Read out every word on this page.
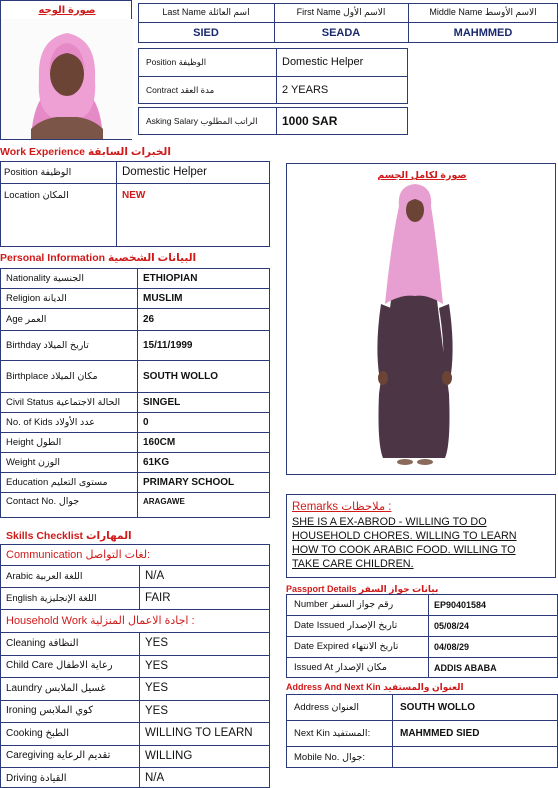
صورة الوجه	Last Name اسم العائلة	First Name الاسم الأول	Middle Name الاسم الأوسط
SIED	SEADA	MAHMMED
Position الوظيفة	Domestic Helper
Contract مدة العقد	2 YEARS
Asking Salary الراتب المطلوب	1000 SAR
Work Experience الخبرات السابقة
Position الوظيفة	Domestic Helper
Location المكان	NEW
Personal Information البيانات الشخصية
Nationality الجنسية	ETHIOPIAN
Religion الديانة	MUSLIM
Age العمر	26
Birthday تاريخ الميلاد	15/11/1999
Birthplace مكان الميلاد	SOUTH WOLLO
Civil Status الحالة الاجتماعية	SINGEL
No. of Kids عدد الأولاد	0
Height الطول	160CM
Weight الوزن	61KG
Education مستوى التعليم	PRIMARY SCHOOL
Contact No. جوال	ARAGAWE
Skills Checklist المهارات
Communication لغات التواصل:
Arabic اللغة العربية	N/A
English اللغة الإنجليزية	FAIR
Household Work اجادة الاعمال المنزلية :
Cleaning النظافة	YES
Child Care رعاية الاطفال	YES
Laundry غسيل الملابس	YES
Ironing كوي الملابس	YES
Cooking الطبخ	WILLING TO LEARN
Caregiving تقديم الرعاية	WILLING
Driving القيادة	N/A
صورة لكامل الجسم
Remarks ملاحظات :
SHE IS A EX-ABROD - WILLING TO DO
HOUSEHOLD CHORES. WILLING TO LEARN
HOW TO COOK ARABIC FOOD. WILLING TO
TAKE CARE CHILDREN.
Passport Details بيانات جواز السفر
Number رقم جواز السفر	EP90401584
Date Issued تاريخ الإصدار	05/08/24
Date Expired تاريخ الانتهاء	04/08/29
Issued At مكان الإصدار	ADDIS ABABA
Address And Next Kin العنوان والمستفيد
Address العنوان	SOUTH WOLLO
Next Kin المستفيد:	MAHMMED SIED
Mobile No. جوال:
